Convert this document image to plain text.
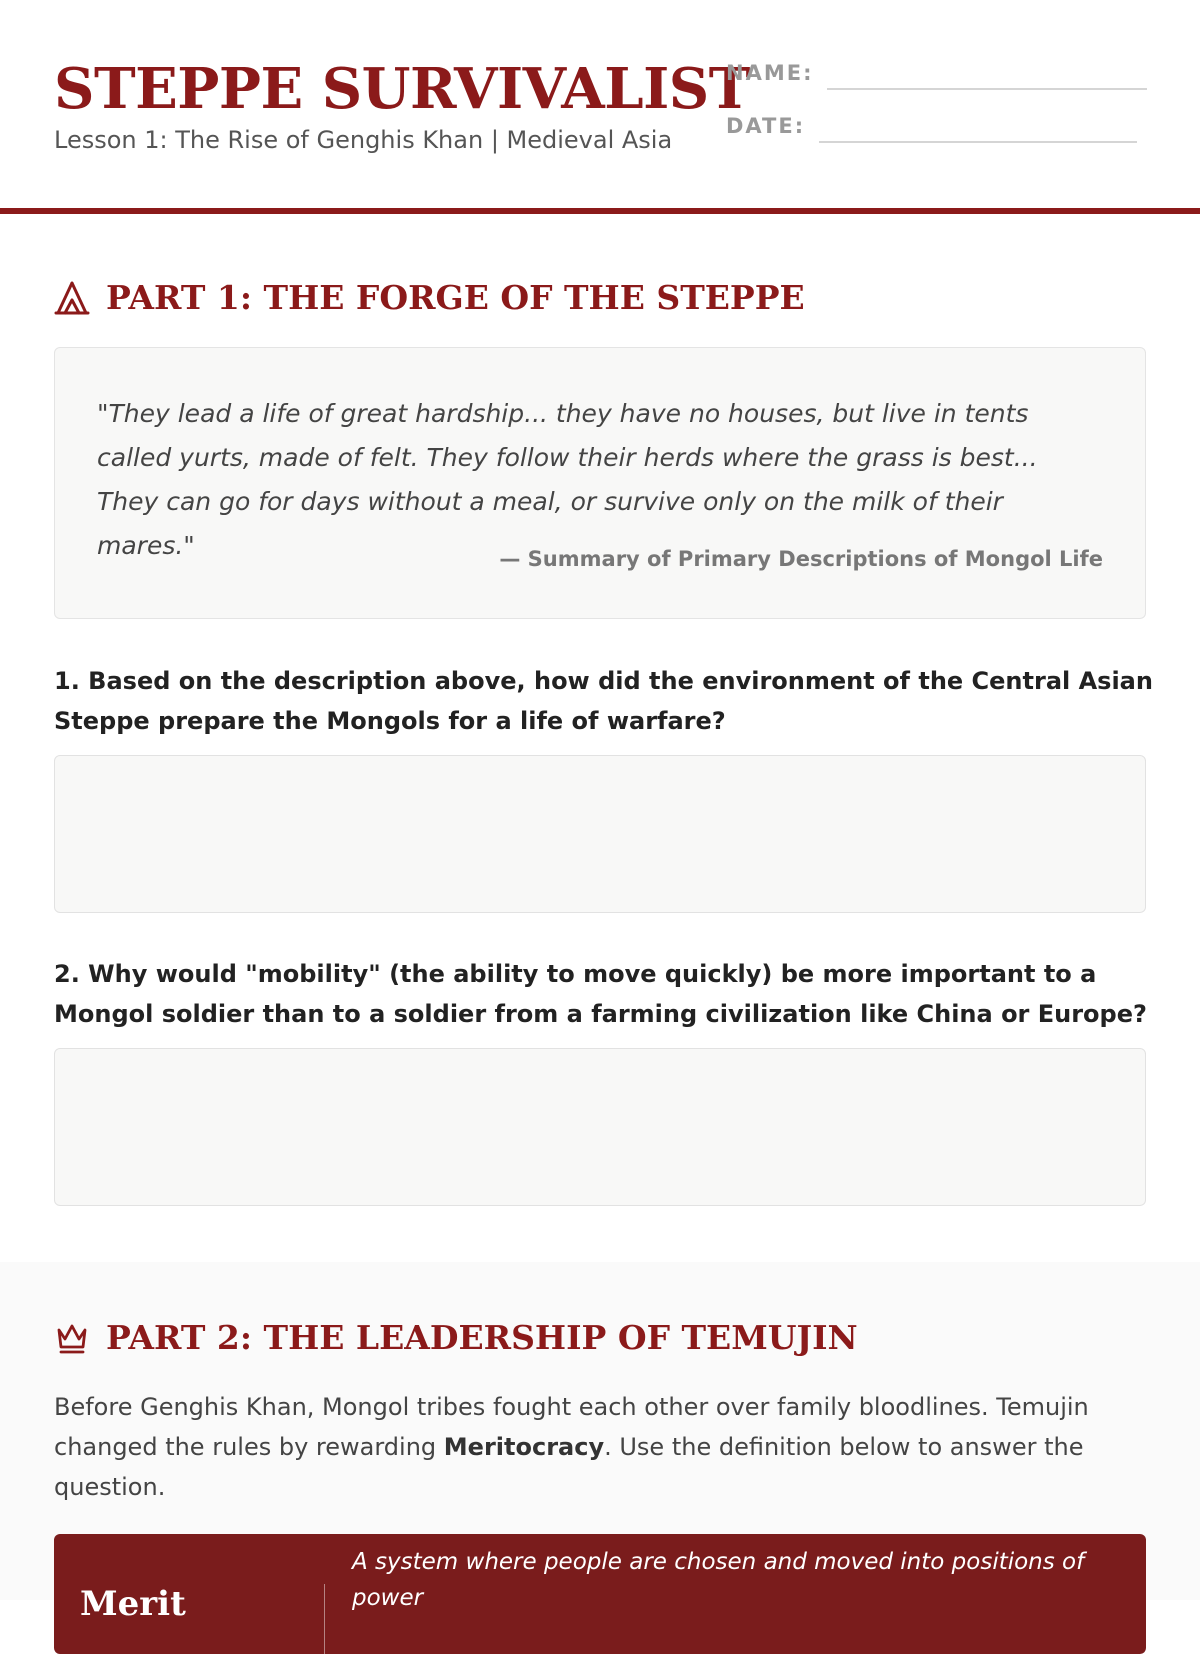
STEPPE SURVIVALIST
Lesson 1: The Rise of Genghis Khan | Medieval Asia
NAME:
DATE:
PART 1: THE FORGE OF THE STEPPE

"They lead a life of great hardship... they have no houses, but live in tents called yurts, made of felt. They follow their herds where the grass is best... They can go for days without a meal, or survive only on the milk of their mares."	— Summary of Primary Descriptions of Mongol Life

1. Based on the description above, how did the environment of the Central Asian Steppe prepare the Mongols for a life of warfare?

2. Why would "mobility" (the ability to move quickly) be more important to a Mongol soldier than to a soldier from a farming civilization like China or Europe?

PART 2: THE LEADERSHIP OF TEMUJIN

Before Genghis Khan, Mongol tribes fought each other over family bloodlines. Temujin changed the rules by rewarding Meritocracy. Use the definition below to answer the question.

Merit

A system where people are chosen and moved into positions of power
